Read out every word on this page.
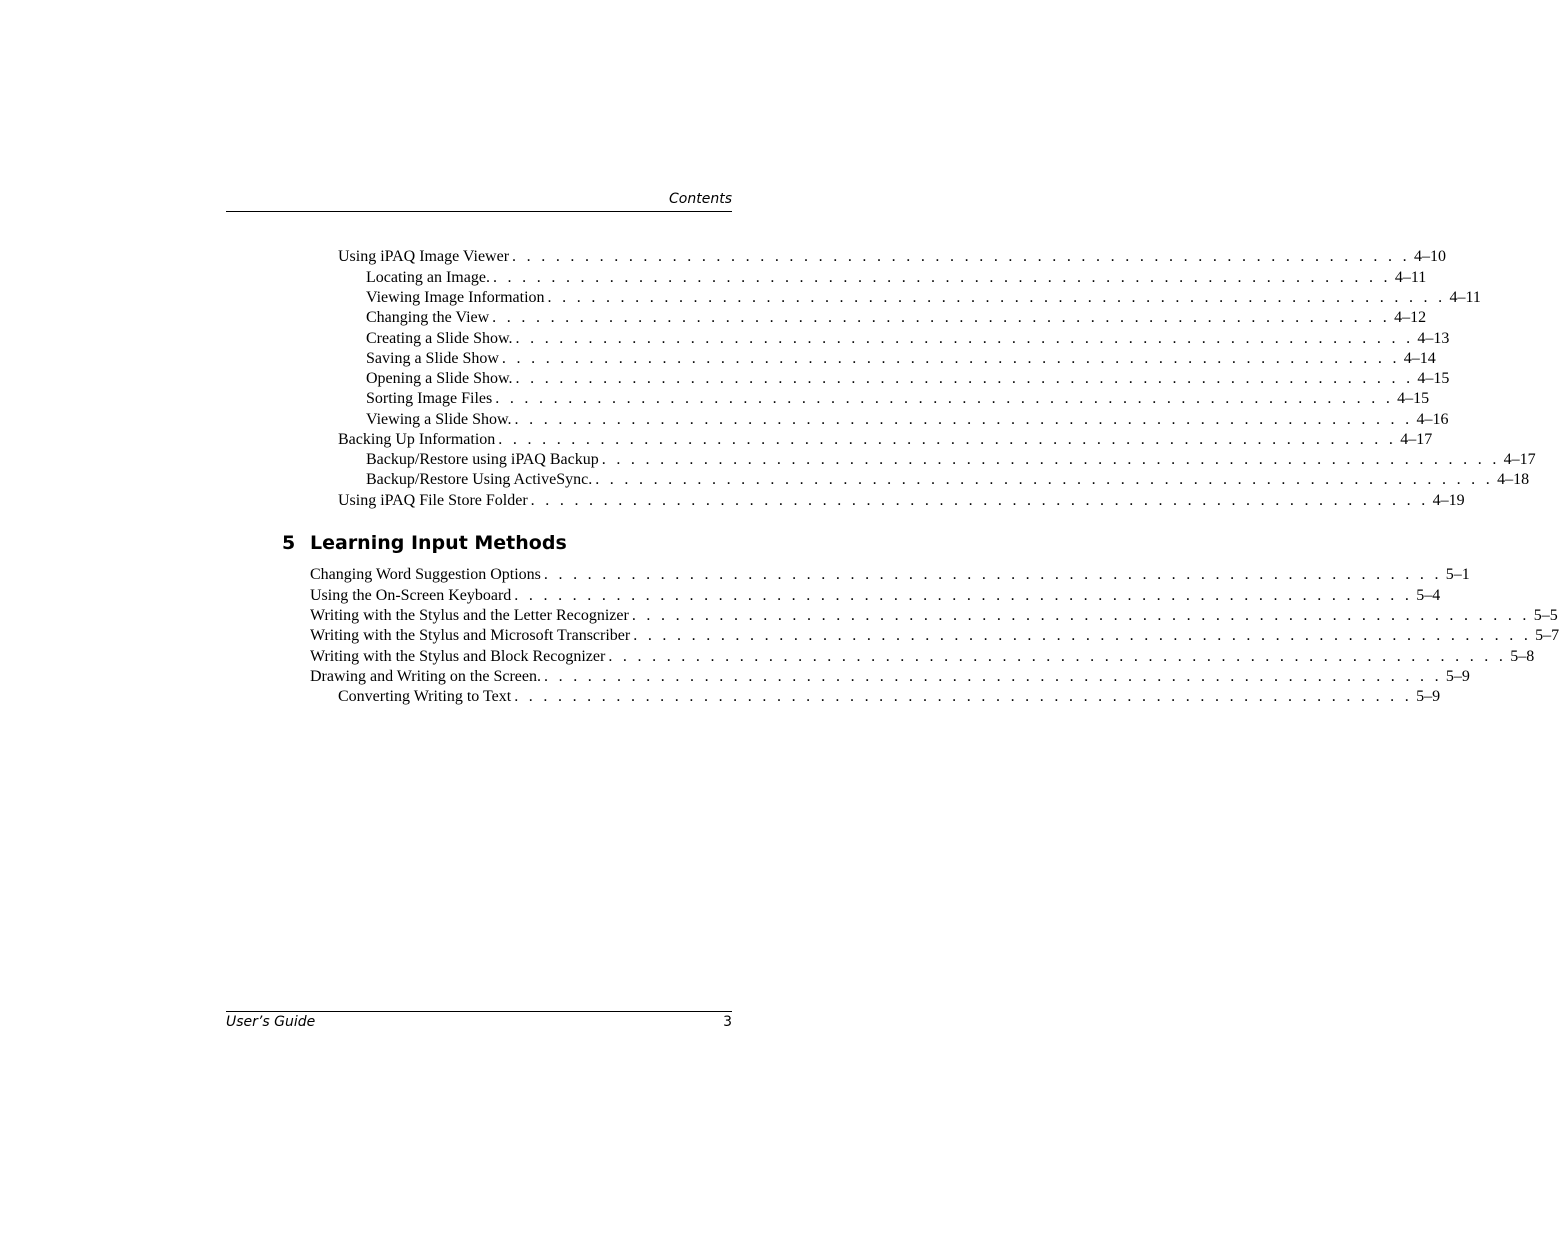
Contents
Using iPAQ Image Viewer . . . . . . . . . . . . . . . . . . . . . . . . . . . . . . . . . . . . . . . . . . . . . . . . . . . . . . . . . . . . . . 4–10
Locating an Image. . . . . . . . . . . . . . . . . . . . . . . . . . . . . . . . . . . . . . . . . . . . . . . . . . . . . . . . . . . . . . . 4–11
Viewing Image Information . . . . . . . . . . . . . . . . . . . . . . . . . . . . . . . . . . . . . . . . . . . . . . . . . . . . . . . . . . . . . . 4–11
Changing the View . . . . . . . . . . . . . . . . . . . . . . . . . . . . . . . . . . . . . . . . . . . . . . . . . . . . . . . . . . . . . . 4–12
Creating a Slide Show. . . . . . . . . . . . . . . . . . . . . . . . . . . . . . . . . . . . . . . . . . . . . . . . . . . . . . . . . . . . . . . 4–13
Saving a Slide Show . . . . . . . . . . . . . . . . . . . . . . . . . . . . . . . . . . . . . . . . . . . . . . . . . . . . . . . . . . . . . . 4–14
Opening a Slide Show. . . . . . . . . . . . . . . . . . . . . . . . . . . . . . . . . . . . . . . . . . . . . . . . . . . . . . . . . . . . . . . 4–15
Sorting Image Files . . . . . . . . . . . . . . . . . . . . . . . . . . . . . . . . . . . . . . . . . . . . . . . . . . . . . . . . . . . . . . 4–15
Viewing a Slide Show. . . . . . . . . . . . . . . . . . . . . . . . . . . . . . . . . . . . . . . . . . . . . . . . . . . . . . . . . . . . . . . 4–16
Backing Up Information . . . . . . . . . . . . . . . . . . . . . . . . . . . . . . . . . . . . . . . . . . . . . . . . . . . . . . . . . . . . . . 4–17
Backup/Restore using iPAQ Backup . . . . . . . . . . . . . . . . . . . . . . . . . . . . . . . . . . . . . . . . . . . . . . . . . . . . . . . . . . . . . . 4–17
Backup/Restore Using ActiveSync. . . . . . . . . . . . . . . . . . . . . . . . . . . . . . . . . . . . . . . . . . . . . . . . . . . . . . . . . . . . . . . 4–18
Using iPAQ File Store Folder . . . . . . . . . . . . . . . . . . . . . . . . . . . . . . . . . . . . . . . . . . . . . . . . . . . . . . . . . . . . . . 4–19
5 Learning Input Methods
Changing Word Suggestion Options . . . . . . . . . . . . . . . . . . . . . . . . . . . . . . . . . . . . . . . . . . . . . . . . . . . . . . . . . . . . . . 5–1
Using the On-Screen Keyboard . . . . . . . . . . . . . . . . . . . . . . . . . . . . . . . . . . . . . . . . . . . . . . . . . . . . . . . . . . . . . . 5–4
Writing with the Stylus and the Letter Recognizer . . . . . . . . . . . . . . . . . . . . . . . . . . . . . . . . . . . . . . . . . . . . . . . . . . . . . . . . . . . . . . 5–5
Writing with the Stylus and Microsoft Transcriber . . . . . . . . . . . . . . . . . . . . . . . . . . . . . . . . . . . . . . . . . . . . . . . . . . . . . . . . . . . . . . 5–7
Writing with the Stylus and Block Recognizer . . . . . . . . . . . . . . . . . . . . . . . . . . . . . . . . . . . . . . . . . . . . . . . . . . . . . . . . . . . . . . 5–8
Drawing and Writing on the Screen. . . . . . . . . . . . . . . . . . . . . . . . . . . . . . . . . . . . . . . . . . . . . . . . . . . . . . . . . . . . . . . 5–9
Converting Writing to Text . . . . . . . . . . . . . . . . . . . . . . . . . . . . . . . . . . . . . . . . . . . . . . . . . . . . . . . . . . . . . . 5–9
User’s Guide	3
